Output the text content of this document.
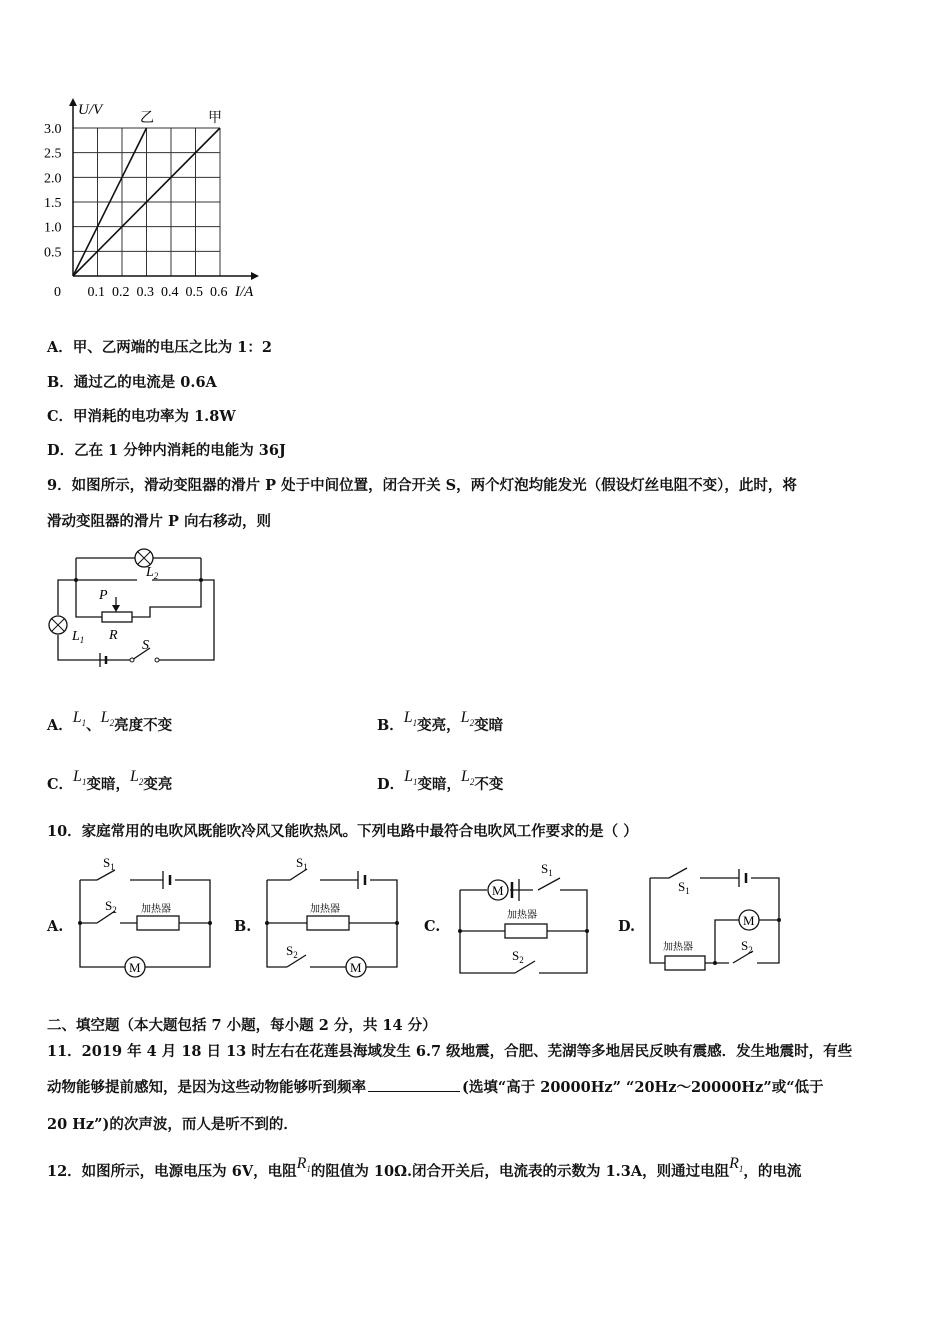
U/V
I/A
0
乙	甲
3.0
2.5
2.0
1.5
1.0
0.5
0.1 0.2 0.3 0.4 0.5 0.6
A．甲、乙两端的电压之比为 1：2
B．通过乙的电流是 0.6A
C．甲消耗的电功率为 1.8W
D．乙在 1 分钟内消耗的电能为 36J
9．如图所示，滑动变阻器的滑片 P 处于中间位置，闭合开关 S，两个灯泡均能发光（假设灯丝电阻不变），此时，将
滑动变阻器的滑片 P 向右移动，则
$L_2$
$L_1$
P
R
S
A．$L_1$、$L_2$亮度不变	B．$L_1$变亮，$L_2$变暗
C．$L_1$变暗，$L_2$变亮	D．$L_1$变暗，$L_2$不变
10．家庭常用的电吹风既能吹冷风又能吹热风。下列电路中最符合电吹风工作要求的是（ ）
A.	B.	C.	D.
M
加热器
$S_1$
$S_2$
M
加热器
$S_1$
$S_2$
M
加热器
$S_1$
$S_2$
M
加热器
$S_1$
$S_2$
二、填空题（本大题包括 7 小题，每小题 2 分，共 14 分）
11．2019 年 4 月 18 日 13 时左右在花莲县海域发生 6.7 级地震，合肥、芜湖等多地居民反映有震感．发生地震时，有些
动物能够提前感知，是因为这些动物能够听到频率	(选填“高于 20000Hz” “20Hz～20000Hz”或“低于
20 Hz”)的次声波，而人是听不到的．
12．如图所示，电源电压为 6V，电阻$R_1$的阻值为 10Ω.闭合开关后，电流表的示数为 1.3A，则通过电阻$R_1$，的电流
